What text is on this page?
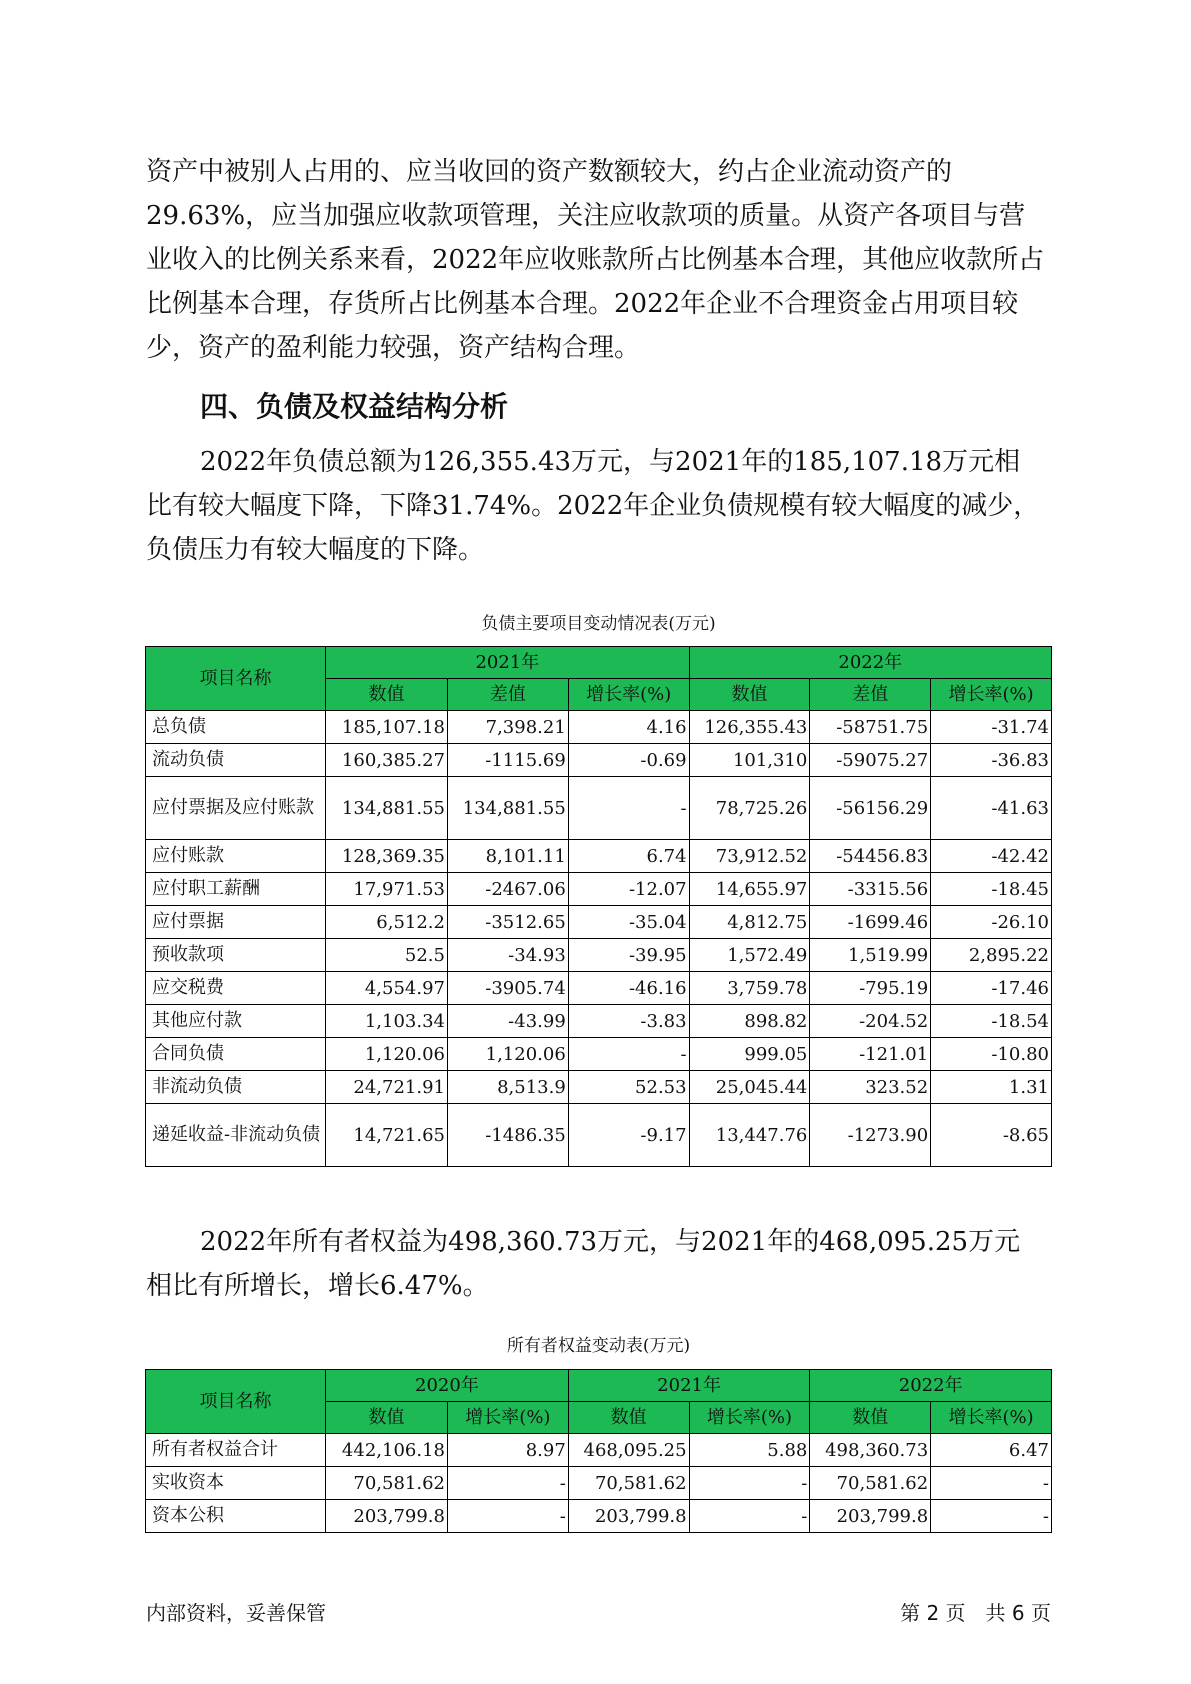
资产中被别人占用的、应当收回的资产数额较大，约占企业流动资产的29.63%，应当加强应收款项管理，关注应收款项的质量。从资产各项目与营业收入的比例关系来看，2022年应收账款所占比例基本合理，其他应收款所占比例基本合理，存货所占比例基本合理。2022年企业不合理资金占用项目较少，资产的盈利能力较强，资产结构合理。

四、负债及权益结构分析

2022年负债总额为126,355.43万元，与2021年的185,107.18万元相比有较大幅度下降，下降31.74%。2022年企业负债规模有较大幅度的减少，负债压力有较大幅度的下降。

负债主要项目变动情况表(万元)
项目名称	2021年			2022年		
	数值	差值	增长率(%)	数值	差值	增长率(%)
总负债	185,107.18	7,398.21	4.16	126,355.43	-58751.75	-31.74
流动负债	160,385.27	-1115.69	-0.69	101,310	-59075.27	-36.83
应付票据及应付账款	134,881.55	134,881.55	-	78,725.26	-56156.29	-41.63
应付账款	128,369.35	8,101.11	6.74	73,912.52	-54456.83	-42.42
应付职工薪酬	17,971.53	-2467.06	-12.07	14,655.97	-3315.56	-18.45
应付票据	6,512.2	-3512.65	-35.04	4,812.75	-1699.46	-26.10
预收款项	52.5	-34.93	-39.95	1,572.49	1,519.99	2,895.22
应交税费	4,554.97	-3905.74	-46.16	3,759.78	-795.19	-17.46
其他应付款	1,103.34	-43.99	-3.83	898.82	-204.52	-18.54
合同负债	1,120.06	1,120.06	-	999.05	-121.01	-10.80
非流动负债	24,721.91	8,513.9	52.53	25,045.44	323.52	1.31
递延收益-非流动负债	14,721.65	-1486.35	-9.17	13,447.76	-1273.90	-8.65

2022年所有者权益为498,360.73万元，与2021年的468,095.25万元相比有所增长，增长6.47%。

所有者权益变动表(万元)
项目名称	2020年		2021年		2022年	
	数值	增长率(%)	数值	增长率(%)	数值	增长率(%)
所有者权益合计	442,106.18	8.97	468,095.25	5.88	498,360.73	6.47
实收资本	70,581.62	-	70,581.62	-	70,581.62	-
资本公积	203,799.8	-	203,799.8	-	203,799.8	-
内部资料，妥善保管	第 2 页　共 6 页
